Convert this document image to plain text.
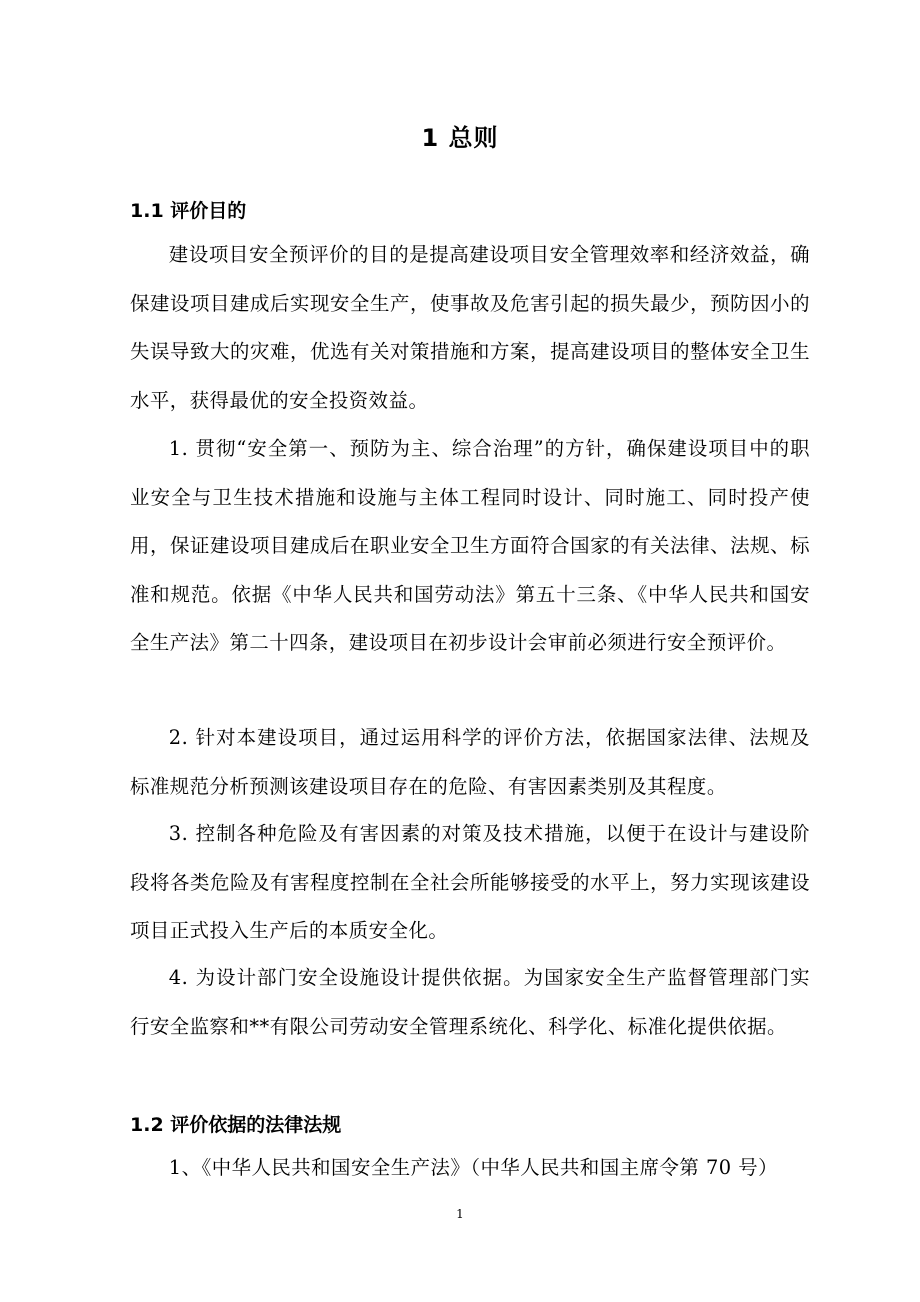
1 总则
1.1 评价目的

建设项目安全预评价的目的是提高建设项目安全管理效率和经济效益，确保建设项目建成后实现安全生产，使事故及危害引起的损失最少，预防因小的失误导致大的灾难，优选有关对策措施和方案，提高建设项目的整体安全卫生水平，获得最优的安全投资效益。

1. 贯彻“安全第一、预防为主、综合治理”的方针，确保建设项目中的职业安全与卫生技术措施和设施与主体工程同时设计、同时施工、同时投产使用，保证建设项目建成后在职业安全卫生方面符合国家的有关法律、法规、标准和规范。依据《中华人民共和国劳动法》第五十三条、《中华人民共和国安全生产法》第二十四条，建设项目在初步设计会审前必须进行安全预评价。

2. 针对本建设项目，通过运用科学的评价方法，依据国家法律、法规及标准规范分析预测该建设项目存在的危险、有害因素类别及其程度。

3. 控制各种危险及有害因素的对策及技术措施，以便于在设计与建设阶段将各类危险及有害程度控制在全社会所能够接受的水平上，努力实现该建设项目正式投入生产后的本质安全化。

4. 为设计部门安全设施设计提供依据。为国家安全生产监督管理部门实行安全监察和**有限公司劳动安全管理系统化、科学化、标准化提供依据。

1.2 评价依据的法律法规

1、《中华人民共和国安全生产法》（中华人民共和国主席令第 70 号）

1
